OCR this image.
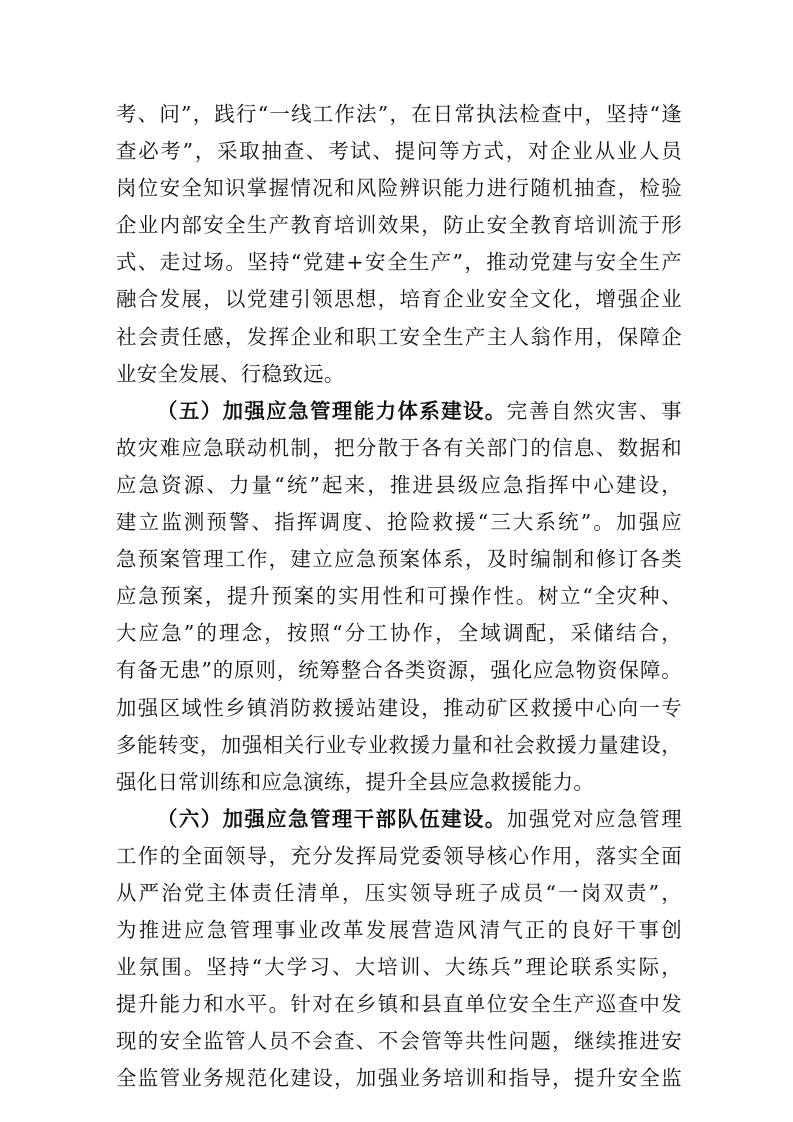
考、问”，践行“一线工作法”，在日常执法检查中，坚持“逢
查必考”，采取抽查、考试、提问等方式，对企业从业人员
岗位安全知识掌握情况和风险辨识能力进行随机抽查，检验
企业内部安全生产教育培训效果，防止安全教育培训流于形
式、走过场。坚持“党建+安全生产”，推动党建与安全生产
融合发展，以党建引领思想，培育企业安全文化，增强企业
社会责任感，发挥企业和职工安全生产主人翁作用，保障企
业安全发展、行稳致远。
（五）加强应急管理能力体系建设。完善自然灾害、事
故灾难应急联动机制，把分散于各有关部门的信息、数据和
应急资源、力量“统”起来，推进县级应急指挥中心建设，
建立监测预警、指挥调度、抢险救援“三大系统”。加强应
急预案管理工作，建立应急预案体系，及时编制和修订各类
应急预案，提升预案的实用性和可操作性。树立“全灾种、
大应急”的理念，按照“分工协作，全域调配，采储结合，
有备无患”的原则，统筹整合各类资源，强化应急物资保障。
加强区域性乡镇消防救援站建设，推动矿区救援中心向一专
多能转变，加强相关行业专业救援力量和社会救援力量建设，
强化日常训练和应急演练，提升全县应急救援能力。
（六）加强应急管理干部队伍建设。加强党对应急管理
工作的全面领导，充分发挥局党委领导核心作用，落实全面
从严治党主体责任清单，压实领导班子成员“一岗双责”，
为推进应急管理事业改革发展营造风清气正的良好干事创
业氛围。坚持“大学习、大培训、大练兵”理论联系实际，
提升能力和水平。针对在乡镇和县直单位安全生产巡查中发
现的安全监管人员不会查、不会管等共性问题，继续推进安
全监管业务规范化建设，加强业务培训和指导，提升安全监
